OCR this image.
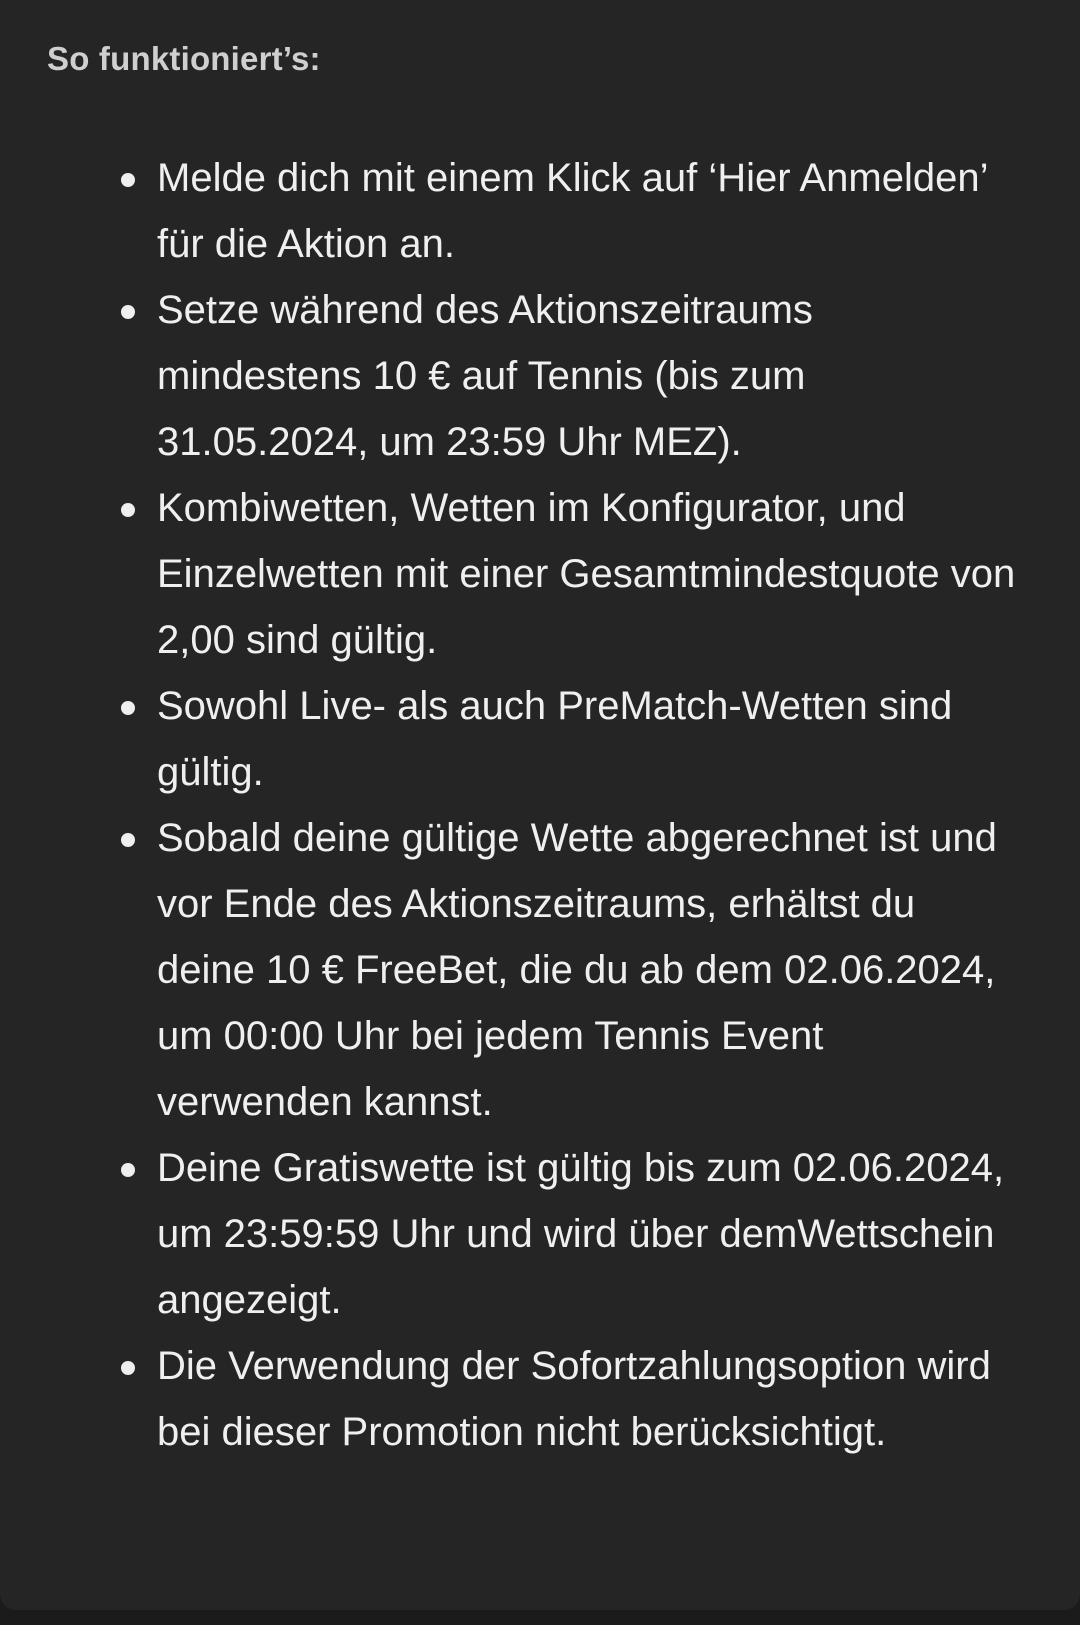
So funktioniert’s:
Melde dich mit einem Klick auf ‘Hier Anmelden’ für die Aktion an.
Setze während des Aktionszeitraums mindestens 10 € auf Tennis (bis zum 31.05.2024, um 23:59 Uhr MEZ).
Kombiwetten, Wetten im Konfigurator, und Einzelwetten mit einer Gesamtmindestquote von 2,00 sind gültig.
Sowohl Live- als auch PreMatch-Wetten sind gültig.
Sobald deine gültige Wette abgerechnet ist und vor Ende des Aktionszeitraums, erhältst du deine 10 € FreeBet, die du ab dem 02.06.2024, um 00:00 Uhr bei jedem Tennis Event verwenden kannst.
Deine Gratiswette ist gültig bis zum 02.06.2024, um 23:59:59 Uhr und wird über demWettschein angezeigt.
Die Verwendung der Sofortzahlungsoption wird bei dieser Promotion nicht berücksichtigt.
